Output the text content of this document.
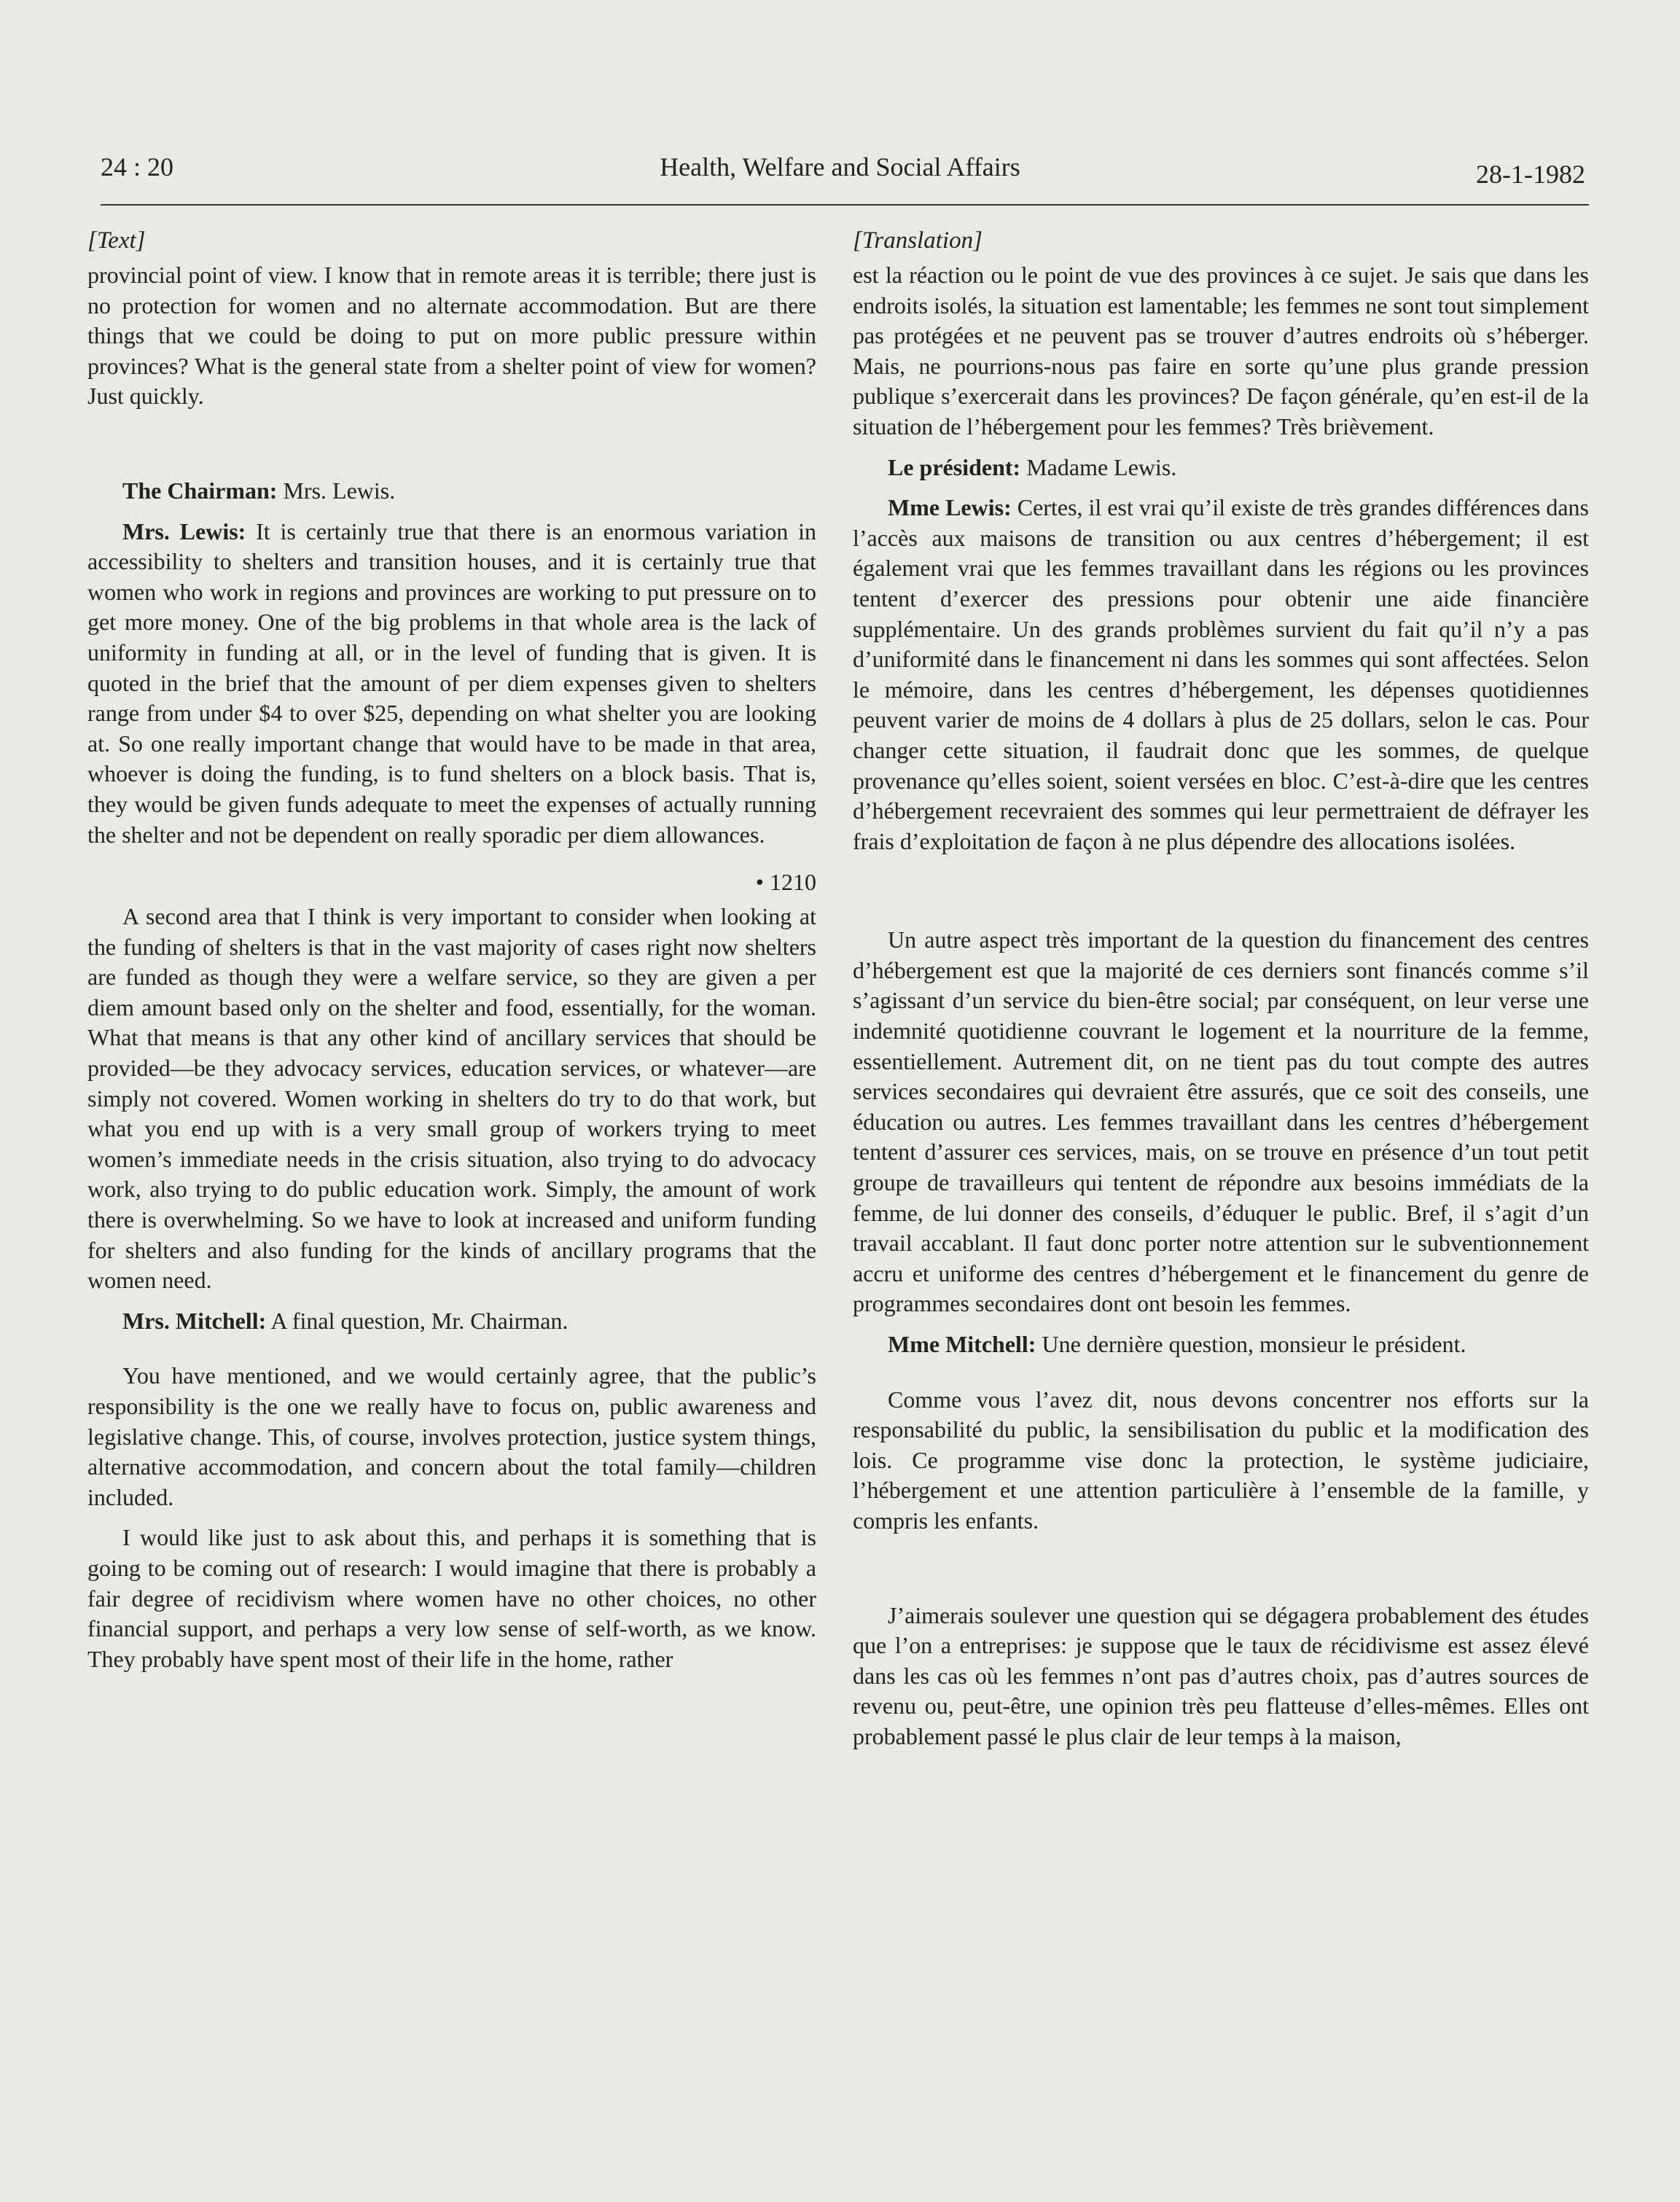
24 : 20	Health, Welfare and Social Affairs	28-1-1982
[Text]

provincial point of view. I know that in remote areas it is terrible; there just is no protection for women and no alternate accommodation. But are there things that we could be doing to put on more public pressure within provinces? What is the general state from a shelter point of view for women? Just quickly.

The Chairman: Mrs. Lewis.

Mrs. Lewis: It is certainly true that there is an enormous variation in accessibility to shelters and transition houses, and it is certainly true that women who work in regions and provinces are working to put pressure on to get more money. One of the big problems in that whole area is the lack of uniformity in funding at all, or in the level of funding that is given. It is quoted in the brief that the amount of per diem expenses given to shelters range from under $4 to over $25, depending on what shelter you are looking at. So one really important change that would have to be made in that area, whoever is doing the funding, is to fund shelters on a block basis. That is, they would be given funds adequate to meet the expenses of actually running the shelter and not be dependent on really sporadic per diem allowances.

• 1210

A second area that I think is very important to consider when looking at the funding of shelters is that in the vast majority of cases right now shelters are funded as though they were a welfare service, so they are given a per diem amount based only on the shelter and food, essentially, for the woman. What that means is that any other kind of ancillary services that should be provided—be they advocacy services, education services, or whatever—are simply not covered. Women working in shelters do try to do that work, but what you end up with is a very small group of workers trying to meet women’s immediate needs in the crisis situation, also trying to do advocacy work, also trying to do public education work. Simply, the amount of work there is overwhelming. So we have to look at increased and uniform funding for shelters and also funding for the kinds of ancillary programs that the women need.

Mrs. Mitchell: A final question, Mr. Chairman.

You have mentioned, and we would certainly agree, that the public’s responsibility is the one we really have to focus on, public awareness and legislative change. This, of course, involves protection, justice system things, alternative accommodation, and concern about the total family—children included.

I would like just to ask about this, and perhaps it is something that is going to be coming out of research: I would imagine that there is probably a fair degree of recidivism where women have no other choices, no other financial support, and perhaps a very low sense of self-worth, as we know. They probably have spent most of their life in the home, rather

[Translation]

est la réaction ou le point de vue des provinces à ce sujet. Je sais que dans les endroits isolés, la situation est lamentable; les femmes ne sont tout simplement pas protégées et ne peuvent pas se trouver d’autres endroits où s’héberger. Mais, ne pourrions-nous pas faire en sorte qu’une plus grande pression publique s’exercerait dans les provinces? De façon générale, qu’en est-il de la situation de l’hébergement pour les femmes? Très brièvement.

Le président: Madame Lewis.

Mme Lewis: Certes, il est vrai qu’il existe de très grandes différences dans l’accès aux maisons de transition ou aux centres d’hébergement; il est également vrai que les femmes travaillant dans les régions ou les provinces tentent d’exercer des pressions pour obtenir une aide financière supplémentaire. Un des grands problèmes survient du fait qu’il n’y a pas d’uniformité dans le financement ni dans les sommes qui sont affectées. Selon le mémoire, dans les centres d’hébergement, les dépenses quotidiennes peuvent varier de moins de 4 dollars à plus de 25 dollars, selon le cas. Pour changer cette situation, il faudrait donc que les sommes, de quelque provenance qu’elles soient, soient versées en bloc. C’est-à-dire que les centres d’hébergement recevraient des sommes qui leur permettraient de défrayer les frais d’exploitation de façon à ne plus dépendre des allocations isolées.

Un autre aspect très important de la question du financement des centres d’hébergement est que la majorité de ces derniers sont financés comme s’il s’agissant d’un service du bien-être social; par conséquent, on leur verse une indemnité quotidienne couvrant le logement et la nourriture de la femme, essentiellement. Autrement dit, on ne tient pas du tout compte des autres services secondaires qui devraient être assurés, que ce soit des conseils, une éducation ou autres. Les femmes travaillant dans les centres d’hébergement tentent d’assurer ces services, mais, on se trouve en présence d’un tout petit groupe de travailleurs qui tentent de répondre aux besoins immédiats de la femme, de lui donner des conseils, d’éduquer le public. Bref, il s’agit d’un travail accablant. Il faut donc porter notre attention sur le subventionnement accru et uniforme des centres d’hébergement et le financement du genre de programmes secondaires dont ont besoin les femmes.

Mme Mitchell: Une dernière question, monsieur le président.

Comme vous l’avez dit, nous devons concentrer nos efforts sur la responsabilité du public, la sensibilisation du public et la modification des lois. Ce programme vise donc la protection, le système judiciaire, l’hébergement et une attention particulière à l’ensemble de la famille, y compris les enfants.

J’aimerais soulever une question qui se dégagera probablement des études que l’on a entreprises: je suppose que le taux de récidivisme est assez élevé dans les cas où les femmes n’ont pas d’autres choix, pas d’autres sources de revenu ou, peut-être, une opinion très peu flatteuse d’elles-mêmes. Elles ont probablement passé le plus clair de leur temps à la maison,
